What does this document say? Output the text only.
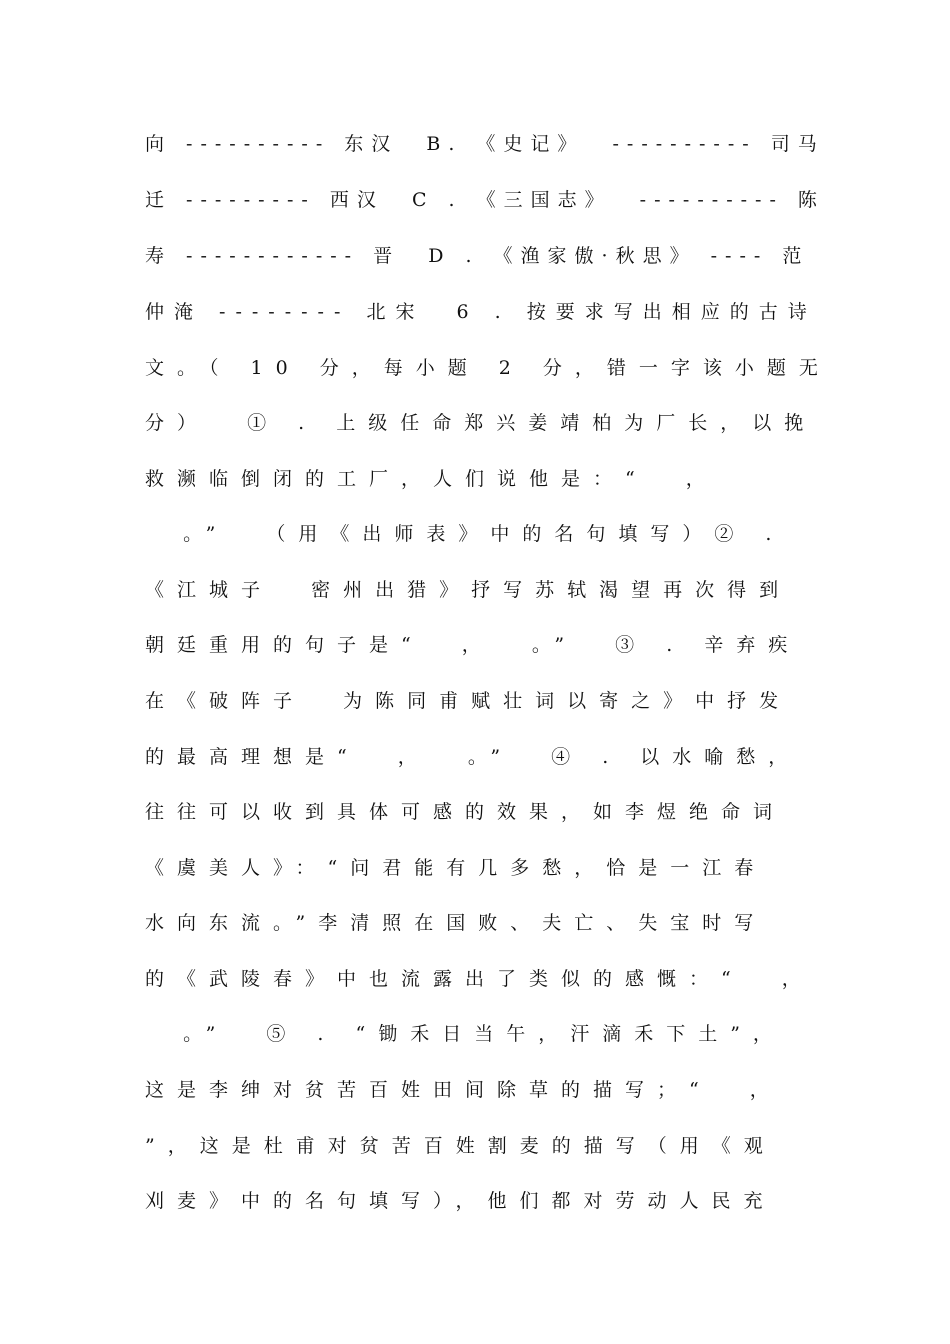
向 ---------- 东汉  B. 《史记》  ---------- 司马
迁 --------- 西汉  C . 《三国志》  ---------- 陈
寿 ------------ 晋  D . 《渔家傲·秋思》 ---- 范
仲淹 -------- 北宋  6 . 按要求写出相应的古诗
文。（ 10 分，每小题 2 分，错一字该小题无
分）  ① . 上级任命郑兴姜靖柏为厂长，以挽
救濒临倒闭的工厂，人们说他是：“  ，
。”  （用《出师表》中的名句填写）② .
《江城子  密州出猎》抒写苏轼渴望再次得到
朝廷重用的句子是“  ，  。”  ③ . 辛弃疾
在《破阵子  为陈同甫赋壮词以寄之》中抒发
的最高理想是“  ，  。”  ④ . 以水喻愁，
往往可以收到具体可感的效果，如李煜绝命词
《虞美人》：“问君能有几多愁，恰是一江春
水向东流。”李清照在国败、夫亡、失宝时写
的《武陵春》中也流露出了类似的感慨：“  ，
。”  ⑤ . “锄禾日当午，汗滴禾下土”，
这是李绅对贫苦百姓田间除草的描写；“  ，
”，这是杜甫对贫苦百姓割麦的描写（用《观
刈麦》中的名句填写），他们都对劳动人民充
